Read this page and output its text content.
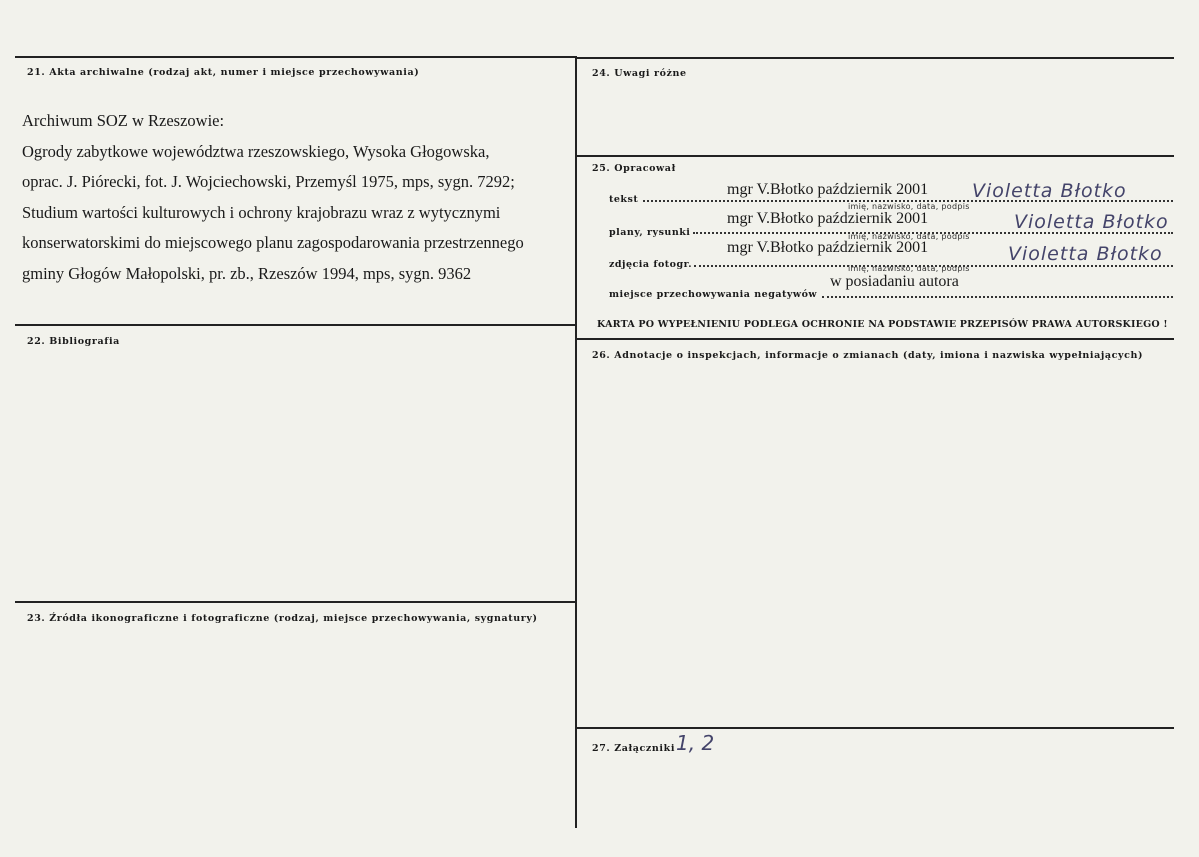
21. Akta archiwalne (rodzaj akt, numer i miejsce przechowywania)
Archiwum SOZ w Rzeszowie:
Ogrody zabytkowe województwa rzeszowskiego, Wysoka Głogowska,
oprac. J. Piórecki, fot. J. Wojciechowski, Przemyśl 1975, mps, sygn. 7292;
Studium wartości kulturowych i ochrony krajobrazu wraz z wytycznymi
konserwatorskimi do miejscowego planu zagospodarowania przestrzennego
gminy Głogów Małopolski, pr. zb., Rzeszów 1994, mps, sygn. 9362
22. Bibliografia
23. Źródła ikonograficzne i fotograficzne (rodzaj, miejsce przechowywania, sygnatury)
24. Uwagi różne
25. Opracował
tekst
mgr V.Błotko październik 2001 Violetta Błotko
imię, nazwisko, data, podpis
plany, rysunki
mgr V.Błotko październik 2001	Violetta Błotko
imię, nazwisko, data, podpis
zdjęcia fotogr.
mgr V.Błotko październik 2001	Violetta Błotko
imię, nazwisko, data, podpis
miejsce przechowywania negatywów
w posiadaniu autora
KARTA PO WYPEŁNIENIU PODLEGA OCHRONIE NA PODSTAWIE PRZEPISÓW PRAWA AUTORSKIEGO !
26. Adnotacje o inspekcjach, informacje o zmianach (daty, imiona i nazwiska wypełniających)
27. Załączniki 1, 2
